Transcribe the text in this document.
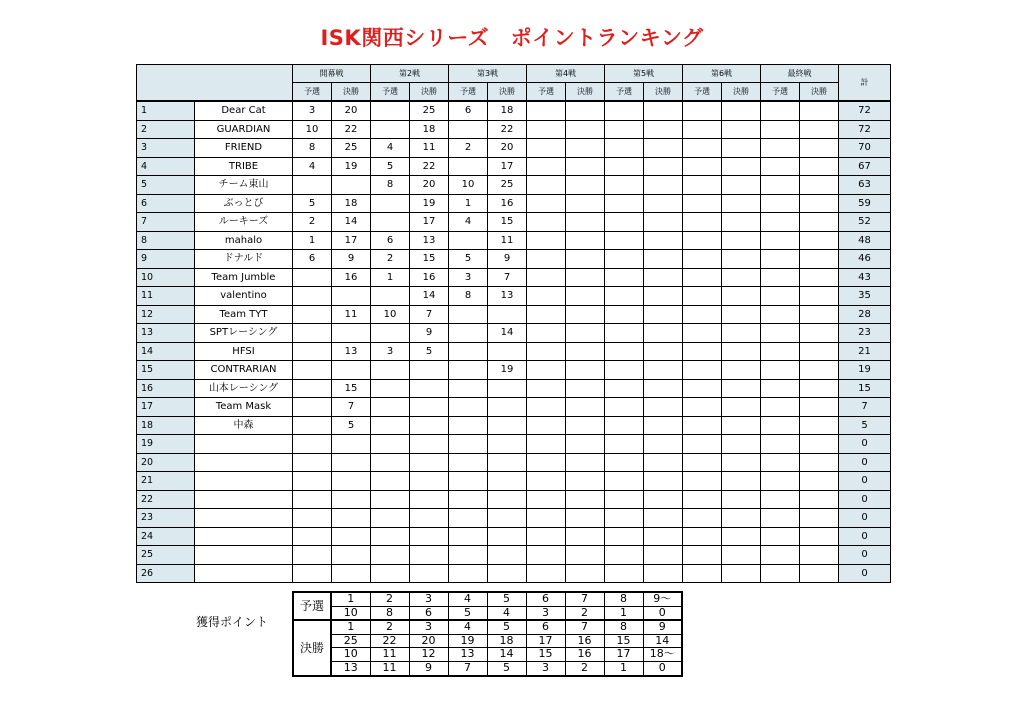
ISK関西シリーズ　ポイントランキング
		開幕戦		第2戦		第3戦		第4戦		第5戦		第6戦		最終戦		計
		予選	決勝	予選	決勝	予選	決勝	予選	決勝	予選	決勝	予選	決勝	予選	決勝	
1	Dear Cat	3	20		25	6	18									72
2	GUARDIAN	10	22		18		22									72
3	FRIEND	8	25	4	11	2	20									70
4	TRIBE	4	19	5	22		17									67
5	チーム東山			8	20	10	25									63
6	ぶっとび	5	18		19	1	16									59
7	ルーキーズ	2	14		17	4	15									52
8	mahalo	1	17	6	13		11									48
9	ドナルド	6	9	2	15	5	9									46
10	Team Jumble		16	1	16	3	7									43
11	valentino				14	8	13									35
12	Team TYT		11	10	7											28
13	SPTレーシング				9		14									23
14	HFSI		13	3	5											21
15	CONTRARIAN						19									19
16	山本レーシング		15													15
17	Team Mask		7													7
18	中森		5													5
19																0
20																0
21																0
22																0
23																0
24																0
25																0
26																0
獲得ポイント
予選	1	2	3	4	5	6	7	8	9〜
	10	8	6	5	4	3	2	1	0
決勝	1	2	3	4	5	6	7	8	9
	25	22	20	19	18	17	16	15	14
	10	11	12	13	14	15	16	17	18〜
	13	11	9	7	5	3	2	1	0
